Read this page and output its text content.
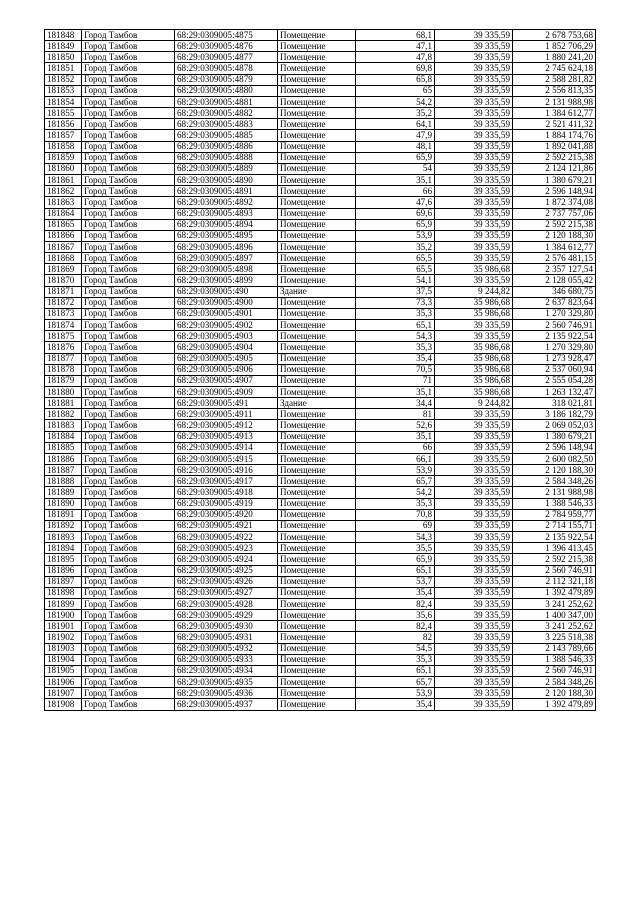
181848	Город Тамбов	68:29:0309005:4875	Помещение	68,1	39 335,59	2 678 753,68
181849	Город Тамбов	68:29:0309005:4876	Помещение	47,1	39 335,59	1 852 706,29
181850	Город Тамбов	68:29:0309005:4877	Помещение	47,8	39 335,59	1 880 241,20
181851	Город Тамбов	68:29:0309005:4878	Помещение	69,8	39 335,59	2 745 624,18
181852	Город Тамбов	68:29:0309005:4879	Помещение	65,8	39 335,59	2 588 281,82
181853	Город Тамбов	68:29:0309005:4880	Помещение	65	39 335,59	2 556 813,35
181854	Город Тамбов	68:29:0309005:4881	Помещение	54,2	39 335,59	2 131 988,98
181855	Город Тамбов	68:29:0309005:4882	Помещение	35,2	39 335,59	1 384 612,77
181856	Город Тамбов	68:29:0309005:4883	Помещение	64,1	39 335,59	2 521 411,32
181857	Город Тамбов	68:29:0309005:4885	Помещение	47,9	39 335,59	1 884 174,76
181858	Город Тамбов	68:29:0309005:4886	Помещение	48,1	39 335,59	1 892 041,88
181859	Город Тамбов	68:29:0309005:4888	Помещение	65,9	39 335,59	2 592 215,38
181860	Город Тамбов	68:29:0309005:4889	Помещение	54	39 335,59	2 124 121,86
181861	Город Тамбов	68:29:0309005:4890	Помещение	35,1	39 335,59	1 380 679,21
181862	Город Тамбов	68:29:0309005:4891	Помещение	66	39 335,59	2 596 148,94
181863	Город Тамбов	68:29:0309005:4892	Помещение	47,6	39 335,59	1 872 374,08
181864	Город Тамбов	68:29:0309005:4893	Помещение	69,6	39 335,59	2 737 757,06
181865	Город Тамбов	68:29:0309005:4894	Помещение	65,9	39 335,59	2 592 215,38
181866	Город Тамбов	68:29:0309005:4895	Помещение	53,9	39 335,59	2 120 188,30
181867	Город Тамбов	68:29:0309005:4896	Помещение	35,2	39 335,59	1 384 612,77
181868	Город Тамбов	68:29:0309005:4897	Помещение	65,5	39 335,59	2 576 481,15
181869	Город Тамбов	68:29:0309005:4898	Помещение	65,5	35 986,68	2 357 127,54
181870	Город Тамбов	68:29:0309005:4899	Помещение	54,1	39 335,59	2 128 055,42
181871	Город Тамбов	68:29:0309005:490	Здание	37,5	9 244,82	346 680,75
181872	Город Тамбов	68:29:0309005:4900	Помещение	73,3	35 986,68	2 637 823,64
181873	Город Тамбов	68:29:0309005:4901	Помещение	35,3	35 986,68	1 270 329,80
181874	Город Тамбов	68:29:0309005:4902	Помещение	65,1	39 335,59	2 560 746,91
181875	Город Тамбов	68:29:0309005:4903	Помещение	54,3	39 335,59	2 135 922,54
181876	Город Тамбов	68:29:0309005:4904	Помещение	35,3	35 986,68	1 270 329,80
181877	Город Тамбов	68:29:0309005:4905	Помещение	35,4	35 986,68	1 273 928,47
181878	Город Тамбов	68:29:0309005:4906	Помещение	70,5	35 986,68	2 537 060,94
181879	Город Тамбов	68:29:0309005:4907	Помещение	71	35 986,68	2 555 054,28
181880	Город Тамбов	68:29:0309005:4909	Помещение	35,1	35 986,68	1 263 132,47
181881	Город Тамбов	68:29:0309005:491	Здание	34,4	9 244,82	318 021,81
181882	Город Тамбов	68:29:0309005:4911	Помещение	81	39 335,59	3 186 182,79
181883	Город Тамбов	68:29:0309005:4912	Помещение	52,6	39 335,59	2 069 052,03
181884	Город Тамбов	68:29:0309005:4913	Помещение	35,1	39 335,59	1 380 679,21
181885	Город Тамбов	68:29:0309005:4914	Помещение	66	39 335,59	2 596 148,94
181886	Город Тамбов	68:29:0309005:4915	Помещение	66,1	39 335,59	2 600 082,50
181887	Город Тамбов	68:29:0309005:4916	Помещение	53,9	39 335,59	2 120 188,30
181888	Город Тамбов	68:29:0309005:4917	Помещение	65,7	39 335,59	2 584 348,26
181889	Город Тамбов	68:29:0309005:4918	Помещение	54,2	39 335,59	2 131 988,98
181890	Город Тамбов	68:29:0309005:4919	Помещение	35,3	39 335,59	1 388 546,33
181891	Город Тамбов	68:29:0309005:4920	Помещение	70,8	39 335,59	2 784 959,77
181892	Город Тамбов	68:29:0309005:4921	Помещение	69	39 335,59	2 714 155,71
181893	Город Тамбов	68:29:0309005:4922	Помещение	54,3	39 335,59	2 135 922,54
181894	Город Тамбов	68:29:0309005:4923	Помещение	35,5	39 335,59	1 396 413,45
181895	Город Тамбов	68:29:0309005:4924	Помещение	65,9	39 335,59	2 592 215,38
181896	Город Тамбов	68:29:0309005:4925	Помещение	65,1	39 335,59	2 560 746,91
181897	Город Тамбов	68:29:0309005:4926	Помещение	53,7	39 335,59	2 112 321,18
181898	Город Тамбов	68:29:0309005:4927	Помещение	35,4	39 335,59	1 392 479,89
181899	Город Тамбов	68:29:0309005:4928	Помещение	82,4	39 335,59	3 241 252,62
181900	Город Тамбов	68:29:0309005:4929	Помещение	35,6	39 335,59	1 400 347,00
181901	Город Тамбов	68:29:0309005:4930	Помещение	82,4	39 335,59	3 241 252,62
181902	Город Тамбов	68:29:0309005:4931	Помещение	82	39 335,59	3 225 518,38
181903	Город Тамбов	68:29:0309005:4932	Помещение	54,5	39 335,59	2 143 789,66
181904	Город Тамбов	68:29:0309005:4933	Помещение	35,3	39 335,59	1 388 546,33
181905	Город Тамбов	68:29:0309005:4934	Помещение	65,1	39 335,59	2 560 746,91
181906	Город Тамбов	68:29:0309005:4935	Помещение	65,7	39 335,59	2 584 348,26
181907	Город Тамбов	68:29:0309005:4936	Помещение	53,9	39 335,59	2 120 188,30
181908	Город Тамбов	68:29:0309005:4937	Помещение	35,4	39 335,59	1 392 479,89
